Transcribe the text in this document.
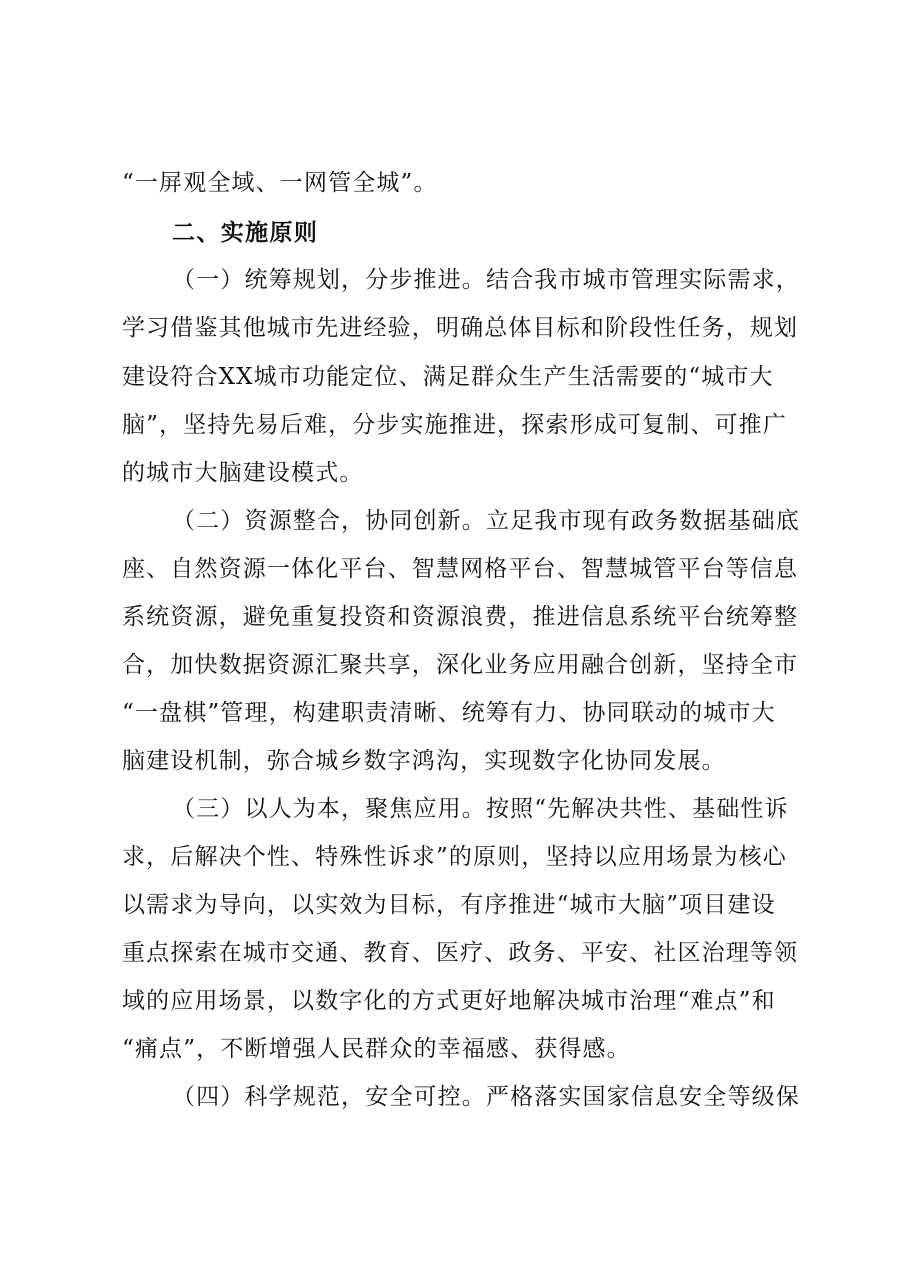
“一屏观全域、一网管全城”。
二、实施原则
（一）统筹规划，分步推进。结合我市城市管理实际需求，
学习借鉴其他城市先进经验，明确总体目标和阶段性任务，规划
建设符合XX城市功能定位、满足群众生产生活需要的“城市大
脑”，坚持先易后难，分步实施推进，探索形成可复制、可推广
的城市大脑建设模式。
（二）资源整合，协同创新。立足我市现有政务数据基础底
座、自然资源一体化平台、智慧网格平台、智慧城管平台等信息
系统资源，避免重复投资和资源浪费，推进信息系统平台统筹整
合，加快数据资源汇聚共享，深化业务应用融合创新，坚持全市
“一盘棋”管理，构建职责清晰、统筹有力、协同联动的城市大
脑建设机制，弥合城乡数字鸿沟，实现数字化协同发展。
（三）以人为本，聚焦应用。按照“先解决共性、基础性诉
求，后解决个性、特殊性诉求”的原则，坚持以应用场景为核心
以需求为导向，以实效为目标，有序推进“城市大脑”项目建设
重点探索在城市交通、教育、医疗、政务、平安、社区治理等领
域的应用场景，以数字化的方式更好地解决城市治理“难点”和
“痛点”，不断增强人民群众的幸福感、获得感。
（四）科学规范，安全可控。严格落实国家信息安全等级保
